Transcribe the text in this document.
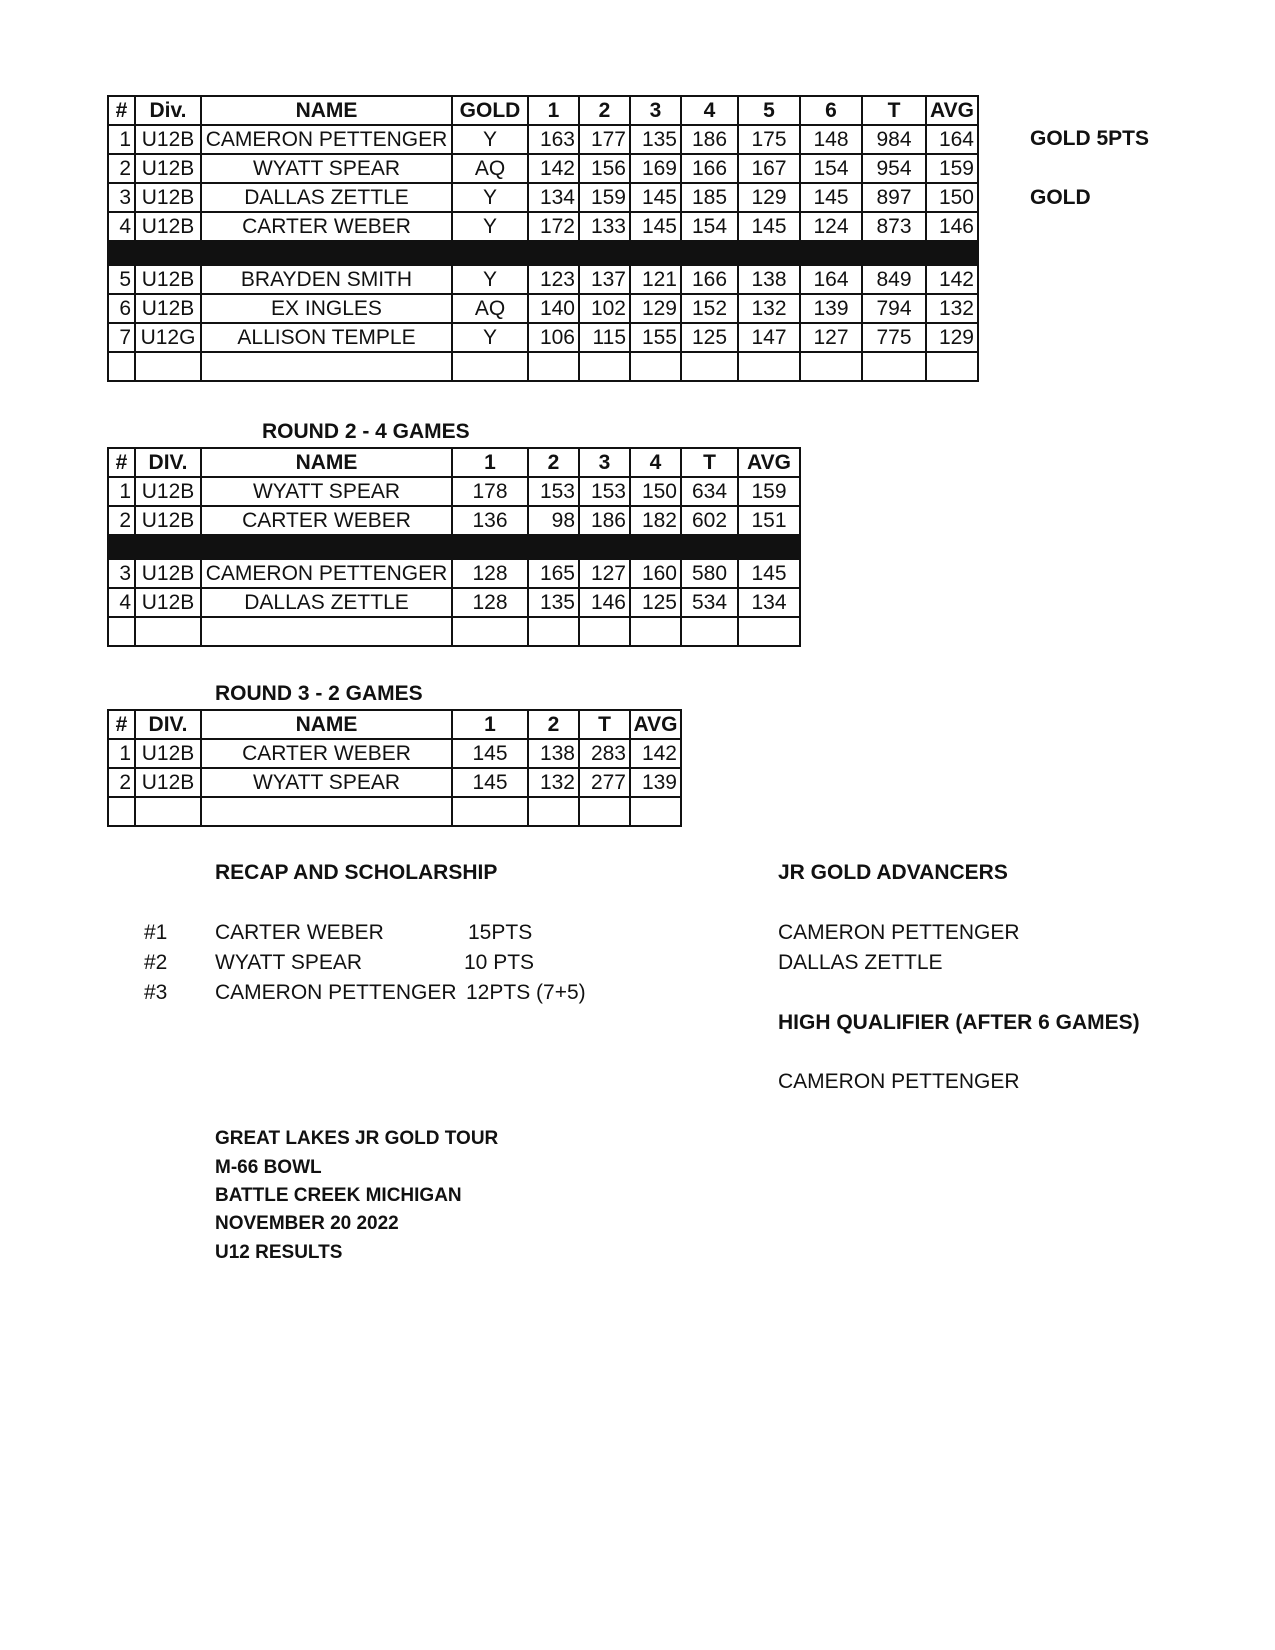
#	Div.	NAME	GOLD	1	2	3	4	5	6	T	AVG
1	U12B	CAMERON PETTENGER	Y	163	177	135	186	175	148	984	164
2	U12B	WYATT SPEAR	AQ	142	156	169	166	167	154	954	159
3	U12B	DALLAS ZETTLE	Y	134	159	145	185	129	145	897	150
4	U12B	CARTER WEBER	Y	172	133	145	154	145	124	873	146

5	U12B	BRAYDEN SMITH	Y	123	137	121	166	138	164	849	142
6	U12B	EX INGLES	AQ	140	102	129	152	132	139	794	132
7	U12G	ALLISON TEMPLE	Y	106	115	155	125	147	127	775	129

GOLD 5PTS
GOLD
ROUND 2 - 4 GAMES
#	DIV.	NAME	1	2	3	4	T	AVG
1	U12B	WYATT SPEAR	178	153	153	150	634	159
2	U12B	CARTER WEBER	136	98	186	182	602	151

3	U12B	CAMERON PETTENGER	128	165	127	160	580	145
4	U12B	DALLAS ZETTLE	128	135	146	125	534	134

ROUND 3 - 2 GAMES
#	DIV.	NAME	1	2	T	AVG
1	U12B	CARTER WEBER	145	138	283	142
2	U12B	WYATT SPEAR	145	132	277	139

RECAP AND SCHOLARSHIP
#1 CARTER WEBER	15PTS
#2 WYATT SPEAR	10 PTS
#3 CAMERON PETTENGER 12PTS (7+5)
JR GOLD ADVANCERS
CAMERON PETTENGER
DALLAS ZETTLE
HIGH QUALIFIER (AFTER 6 GAMES)
CAMERON PETTENGER
GREAT LAKES JR GOLD TOUR
M-66 BOWL
BATTLE CREEK MICHIGAN
NOVEMBER 20 2022
U12 RESULTS
